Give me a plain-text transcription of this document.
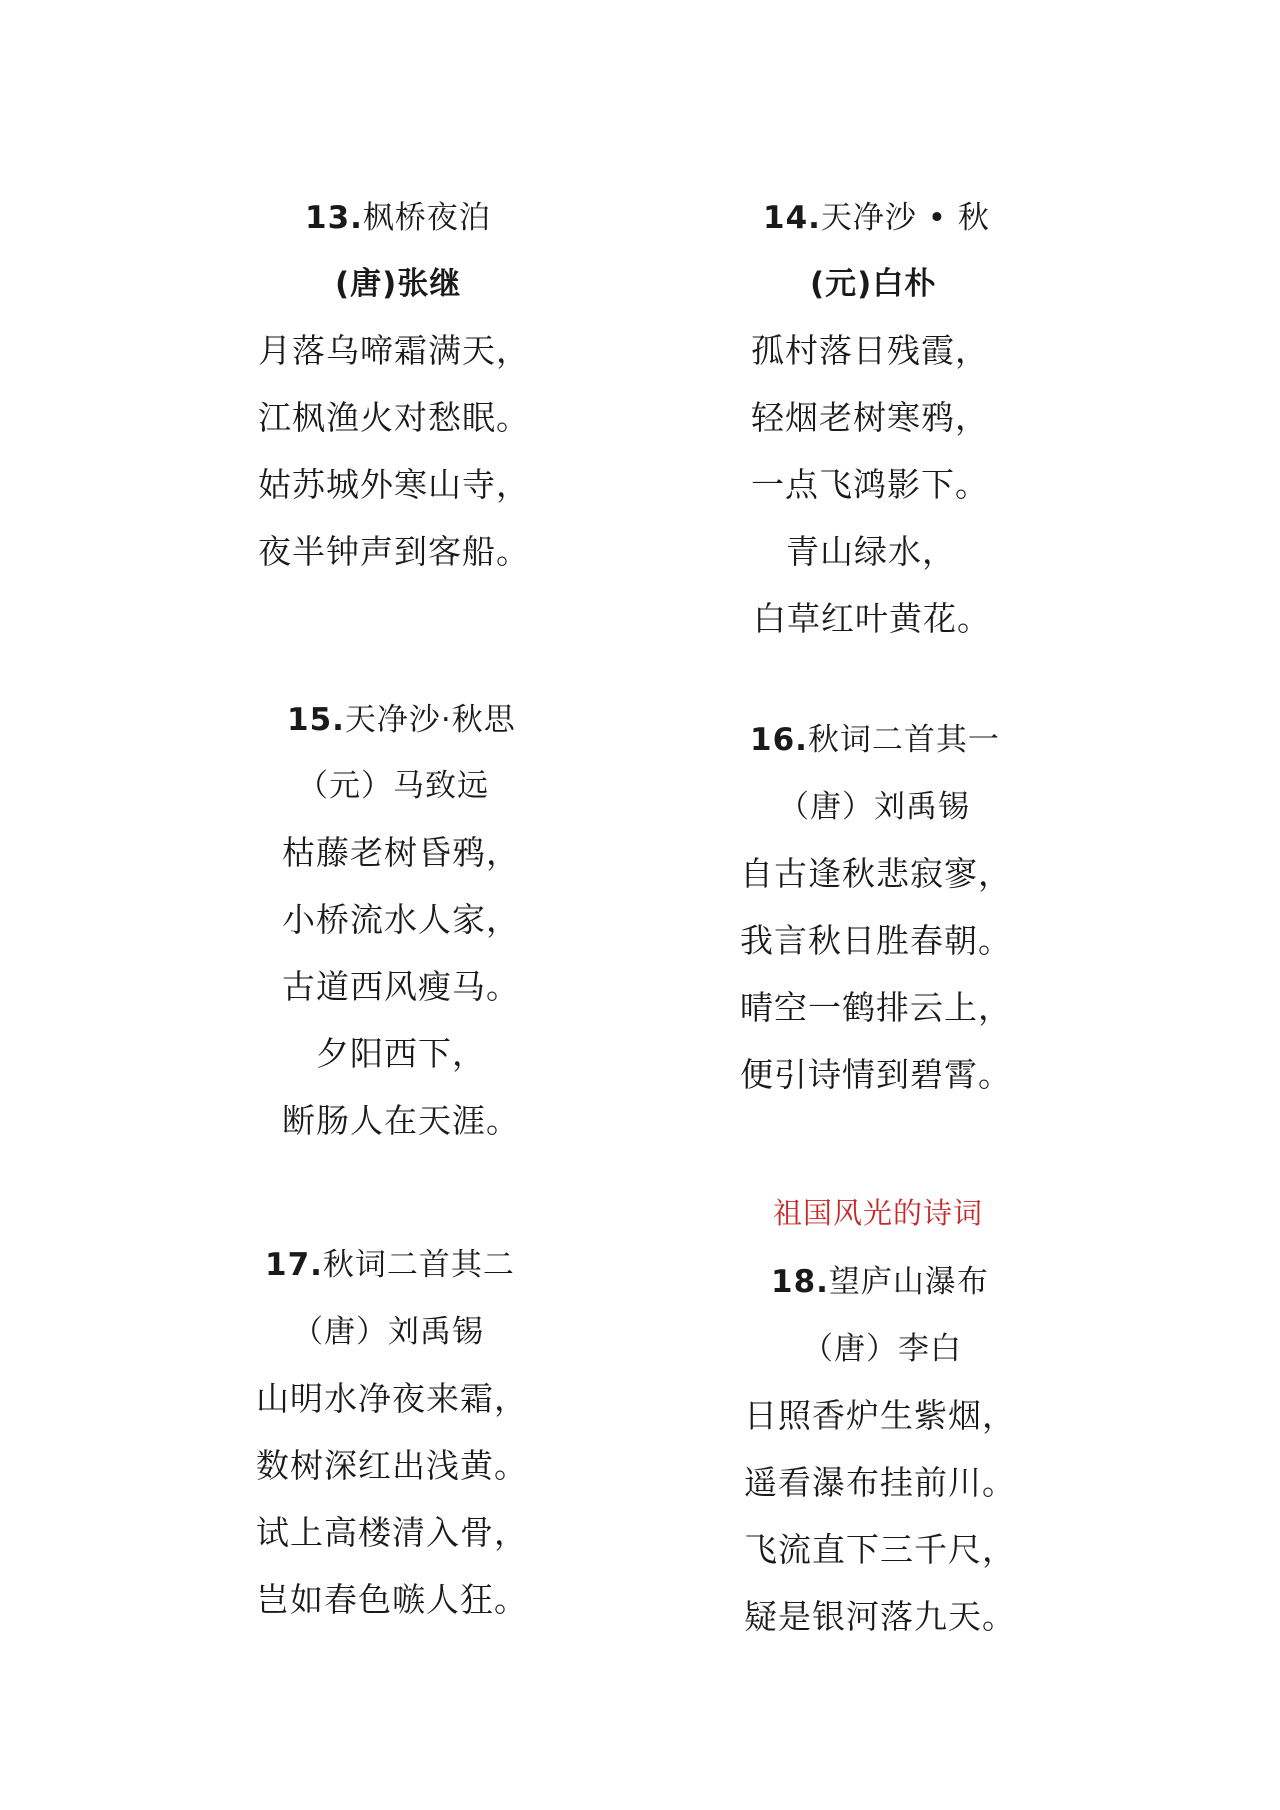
13.枫桥夜泊
(唐)张继
月落乌啼霜满天，
江枫渔火对愁眠。
姑苏城外寒山寺，
夜半钟声到客船。
14.天净沙 • 秋
(元)白朴
孤村落日残霞，
轻烟老树寒鸦，
一点飞鸿影下。
青山绿水，
白草红叶黄花。
15.天净沙·秋思
（元）马致远
枯藤老树昏鸦，
小桥流水人家，
古道西风瘦马。
夕阳西下，
断肠人在天涯。
16.秋词二首其一
（唐）刘禹锡
自古逢秋悲寂寥，
我言秋日胜春朝。
晴空一鹤排云上，
便引诗情到碧霄。
祖国风光的诗词
17.秋词二首其二
（唐）刘禹锡
山明水净夜来霜，
数树深红出浅黄。
试上高楼清入骨，
岂如春色嗾人狂。
18.望庐山瀑布
（唐）李白
日照香炉生紫烟，
遥看瀑布挂前川。
飞流直下三千尺，
疑是银河落九天。
